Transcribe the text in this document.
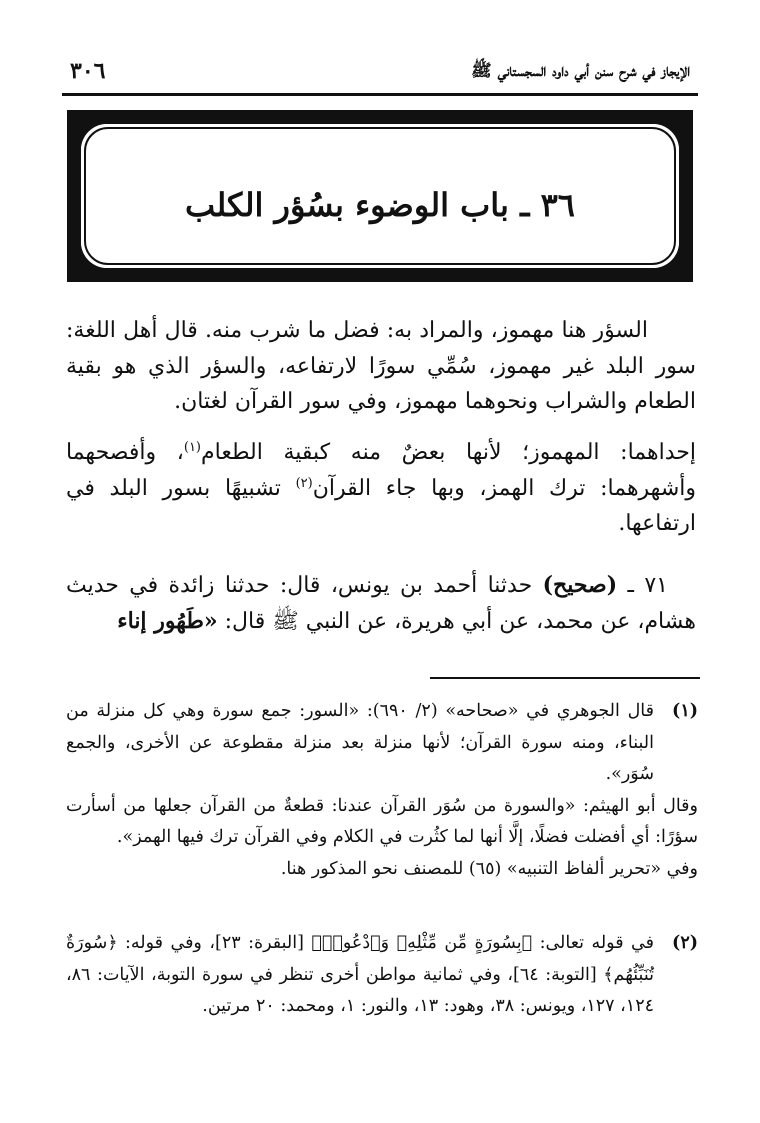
٣٠٦	الإيجاز في شرح سنن أبي داود السجستاني ﷺ
٣٦ ـ باب الوضوء بسُؤر الكلب
السؤر هنا مهموز، والمراد به: فضل ما شرب منه. قال أهل اللغة: سور البلد غير مهموز، سُمِّي سورًا لارتفاعه، والسؤر الذي هو بقية الطعام والشراب ونحوهما مهموز، وفي سور القرآن لغتان.
إحداهما: المهموز؛ لأنها بعضٌ منه كبقية الطعام$^{(١)}$، وأفصحهما وأشهرهما: ترك الهمز، وبها جاء القرآن$^{(٢)}$ تشبيهًا بسور البلد في ارتفاعها.
٧١ ـ (صحيح) حدثنا أحمد بن يونس، قال: حدثنا زائدة في حديث هشام، عن محمد، عن أبي هريرة، عن النبي ﷺ قال: «طَهُور إناء
(١)
قال الجوهري في «صحاحه» (٢/ ٦٩٠): «السور: جمع سورة وهي كل منزلة من البناء، ومنه سورة القرآن؛ لأنها منزلة بعد منزلة مقطوعة عن الأخرى، والجمع سُوَر».
وقال أبو الهيثم: «والسورة من سُوَر القرآن عندنا: قطعةٌ من القرآن جعلها من أسأرت سؤرًا: أي أفضلت فضلًا، إلَّا أنها لما كثُرت في الكلام وفي القرآن ترك فيها الهمز».
وفي «تحرير ألفاظ التنبيه» (٦٥) للمصنف نحو المذكور هنا.
(٢)
في قوله تعالى: ﴿بِسُورَةٍ مِّن مِّثْلِهِۦ وَٱدْعُوا۟﴾ [البقرة: ٢٣]، وفي قوله: ﴿سُورَةٌ تُنَبِّئُهُم﴾ [التوبة: ٦٤]، وفي ثمانية مواطن أخرى تنظر في سورة التوبة، الآيات: ٨٦، ١٢٤، ١٢٧، ويونس: ٣٨، وهود: ١٣، والنور: ١، ومحمد: ٢٠ مرتين.
